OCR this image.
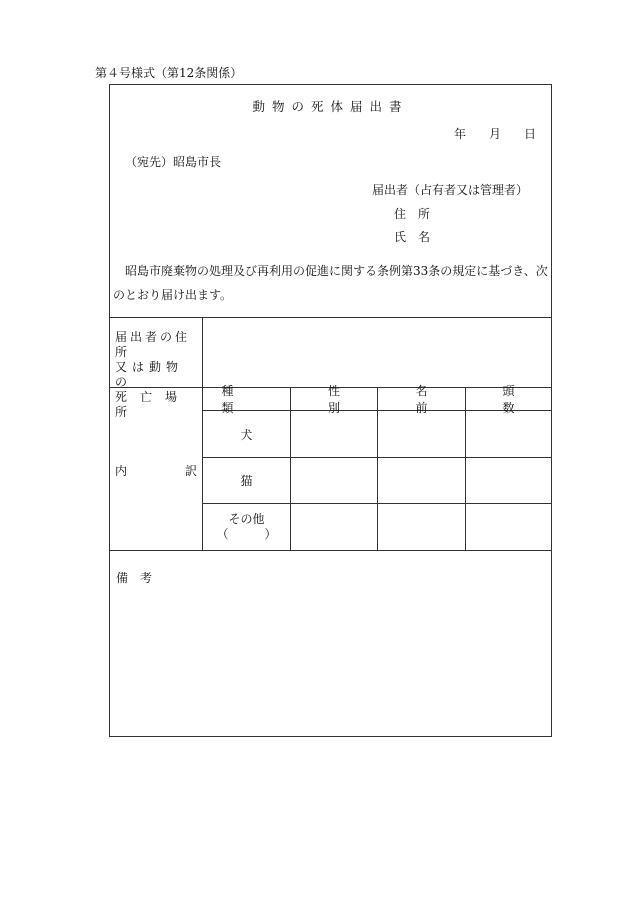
第４号様式（第12条関係）
動物の死体届出書
年 月 日
（宛先）昭島市長
届出者（占有者又は管理者）
住　所
氏　名
　昭島市廃棄物の処理及び再利用の促進に関する条例第33条の規定に基づき、次のとおり届け出ます。
届出者の住所
又は動物の
死亡場所
内	訳
種類
性別
名前
頭数
犬
猫
その他
（　　　）
備　考
